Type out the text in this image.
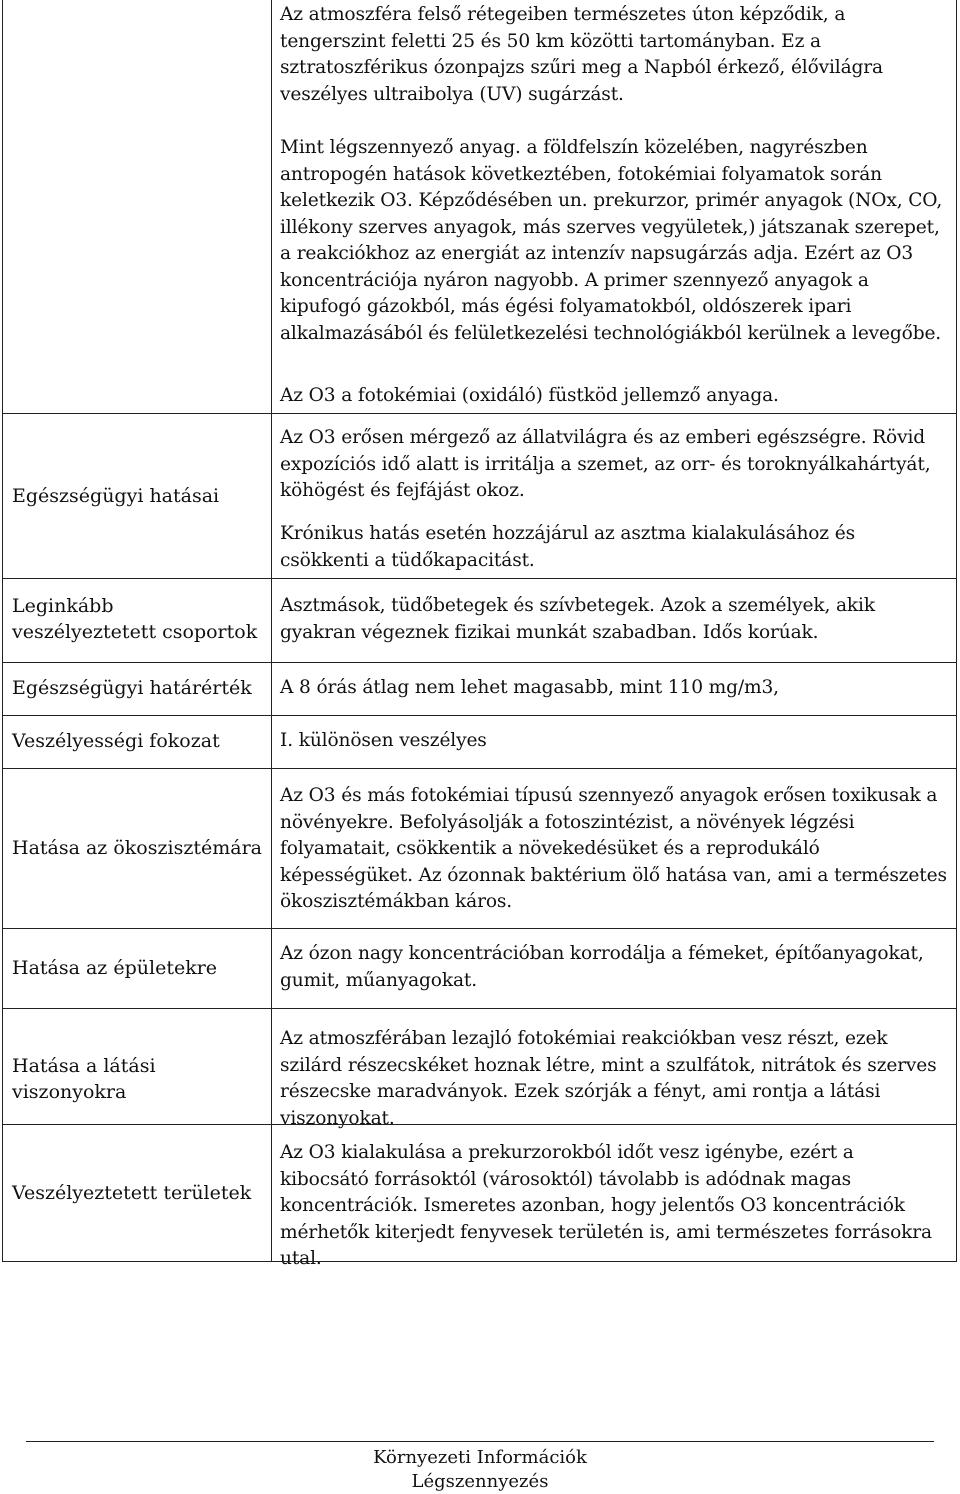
Az atmoszféra felső rétegeiben természetes úton képződik, a tengerszint feletti 25 és 50 km közötti tartományban. Ez a sztratoszférikus ózonpajzs szűri meg a Napból érkező, élővilágra veszélyes ultraibolya (UV) sugárzást.

Mint légszennyező anyag. a földfelszín közelében, nagyrészben antropogén hatások következtében, fotokémiai folyamatok során keletkezik O3. Képződésében un. prekurzor, primér anyagok (NOx, CO, illékony szerves anyagok, más szerves vegyületek,) játszanak szerepet, a reakciókhoz az energiát az intenzív napsugárzás adja. Ezért az O3 koncentrációja nyáron nagyobb. A primer szennyező anyagok a kipufogó gázokból, más égési folyamatokból, oldószerek ipari alkalmazásából és felületkezelési technológiákból kerülnek a levegőbe.

Az O3 a fotokémiai (oxidáló) füstköd jellemző anyaga.

Egészségügyi hatásai

Az O3 erősen mérgező az állatvilágra és az emberi egészségre. Rövid expozíciós idő alatt is irritálja a szemet, az orr- és toroknyálkahártyát, köhögést és fejfájást okoz.

Krónikus hatás esetén hozzájárul az asztma kialakulásához és csökkenti a tüdőkapacitást.

Leginkább veszélyeztetett csoportok

Asztmások, tüdőbetegek és szívbetegek. Azok a személyek, akik gyakran végeznek fizikai munkát szabadban. Idős korúak.

Egészségügyi határérték	A 8 órás átlag nem lehet magasabb, mint 110 mg/m3,

Veszélyességi fokozat	I. különösen veszélyes

Hatása az ökoszisztémára

Az O3 és más fotokémiai típusú szennyező anyagok erősen toxikusak a növényekre. Befolyásolják a fotoszintézist, a növények légzési folyamatait, csökkentik a növekedésüket és a reprodukáló képességüket. Az ózonnak baktérium ölő hatása van, ami a természetes ökoszisztémákban káros.

Hatása az épületekre

Az ózon nagy koncentrációban korrodálja a fémeket, építőanyagokat, gumit, műanyagokat.

Hatása a látási viszonyokra

Az atmoszférában lezajló fotokémiai reakciókban vesz részt, ezek szilárd részecskéket hoznak létre, mint a szulfátok, nitrátok és szerves részecske maradványok. Ezek szórják a fényt, ami rontja a látási viszonyokat.

Veszélyeztetett területek

Az O3 kialakulása a prekurzorokból időt vesz igénybe, ezért a kibocsátó forrásoktól (városoktól) távolabb is adódnak magas koncentrációk. Ismeretes azonban, hogy jelentős O3 koncentrációk mérhetők kiterjedt fenyvesek területén is, ami természetes forrásokra utal.

Környezeti Információk
Légszennyezés
